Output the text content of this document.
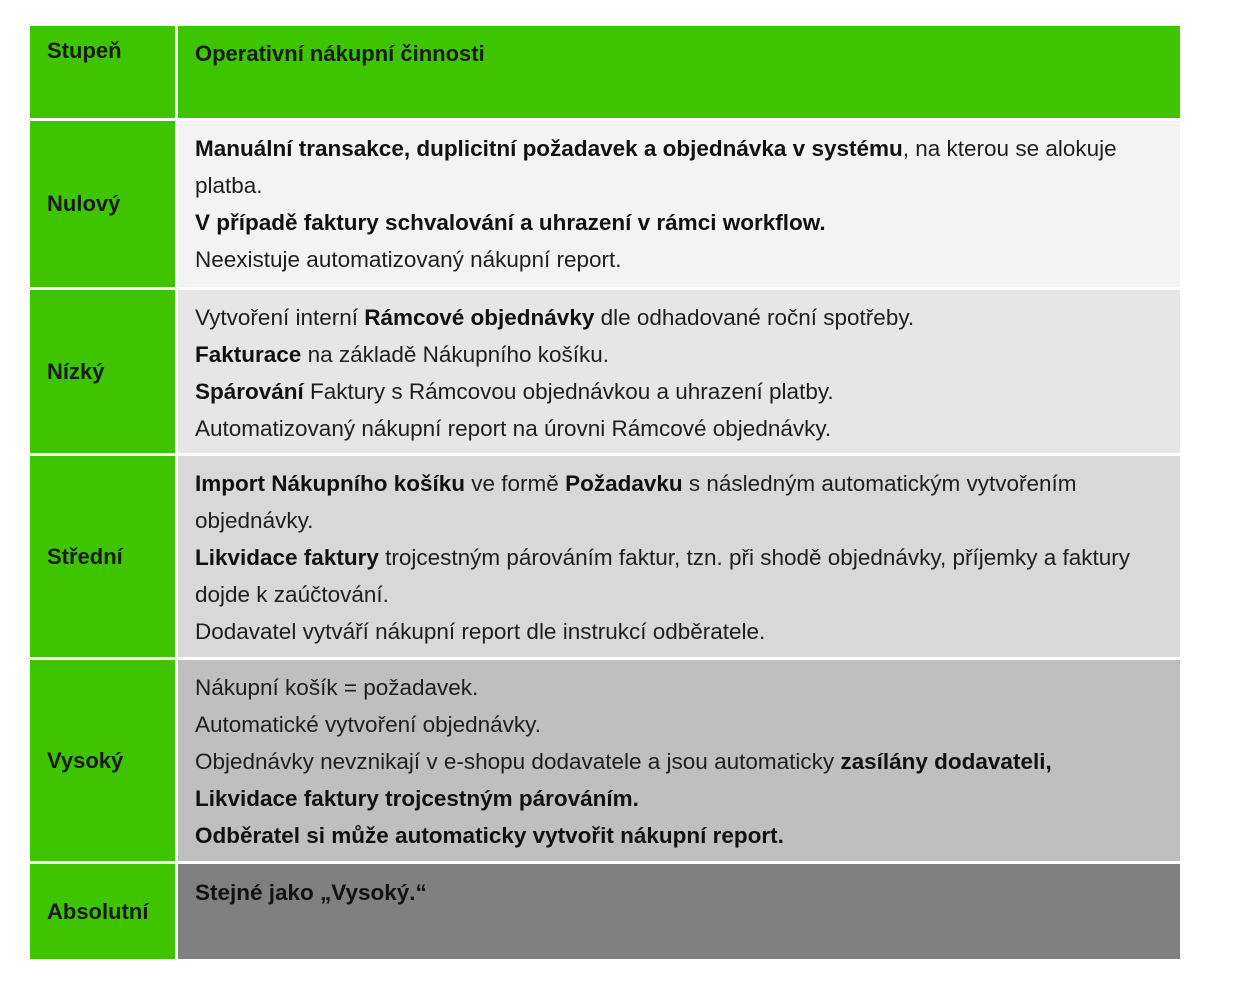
Stupeň	Operativní nákupní činnosti
Nulový

Manuální transakce, duplicitní požadavek a objednávka v systému, na kterou se alokuje platba.

V případě faktury schvalování a uhrazení v rámci workflow.

Neexistuje automatizovaný nákupní report.

Nízký

Vytvoření interní Rámcové objednávky dle odhadované roční spotřeby.

Fakturace na základě Nákupního košíku.

Spárování Faktury s Rámcovou objednávkou a uhrazení platby.

Automatizovaný nákupní report na úrovni Rámcové objednávky.

Střední

Import Nákupního košíku ve formě Požadavku s následným automatickým vytvořením objednávky.

Likvidace faktury trojcestným párováním faktur, tzn. při shodě objednávky, příjemky a faktury dojde k zaúčtování.

Dodavatel vytváří nákupní report dle instrukcí odběratele.

Vysoký

Nákupní košík = požadavek.

Automatické vytvoření objednávky.

Objednávky nevznikají v e-shopu dodavatele a jsou automaticky zasílány dodavateli,

Likvidace faktury trojcestným párováním.

Odběratel si může automaticky vytvořit nákupní report.

Absolutní

Stejné jako „Vysoký.“
